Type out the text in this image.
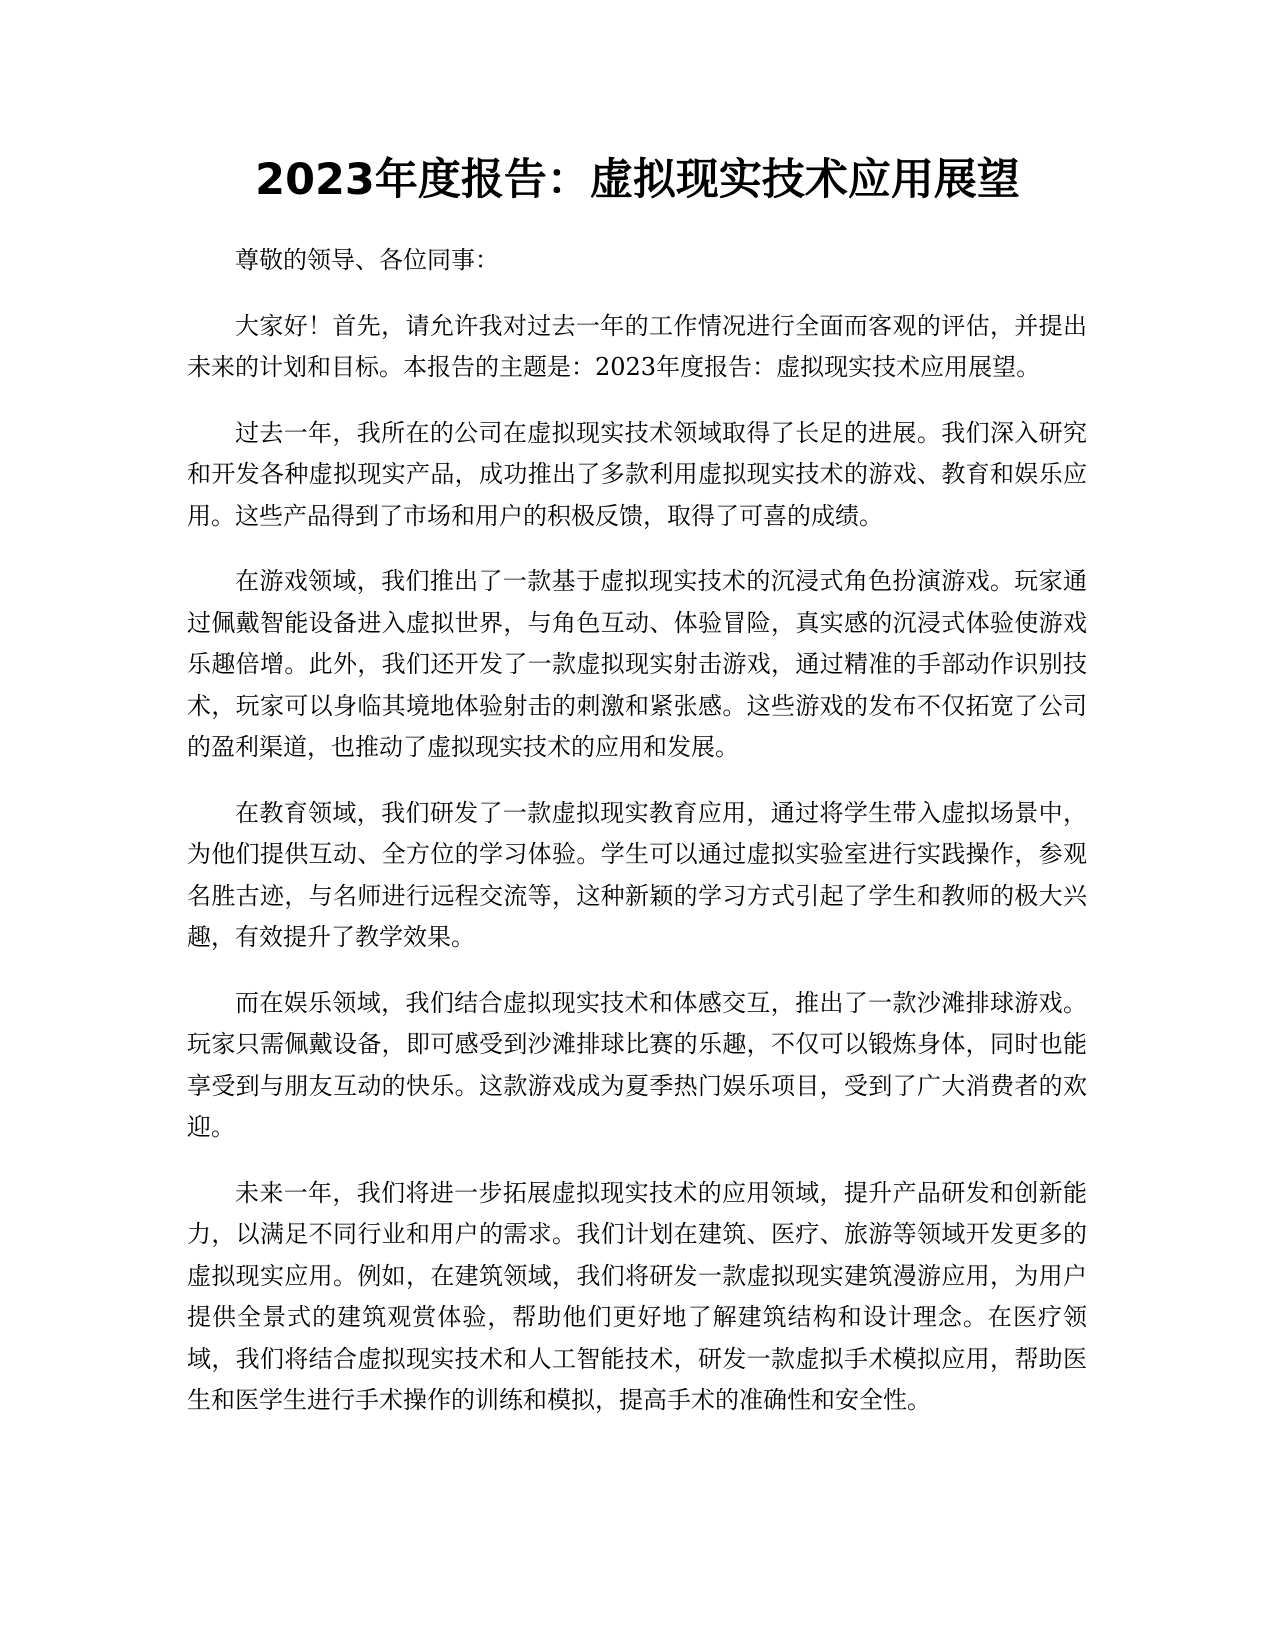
2023年度报告：虚拟现实技术应用展望

尊敬的领导、各位同事：

大家好！首先，请允许我对过去一年的工作情况进行全面而客观的评估，并提出未来的计划和目标。本报告的主题是：2023年度报告：虚拟现实技术应用展望。

过去一年，我所在的公司在虚拟现实技术领域取得了长足的进展。我们深入研究和开发各种虚拟现实产品，成功推出了多款利用虚拟现实技术的游戏、教育和娱乐应用。这些产品得到了市场和用户的积极反馈，取得了可喜的成绩。

在游戏领域，我们推出了一款基于虚拟现实技术的沉浸式角色扮演游戏。玩家通过佩戴智能设备进入虚拟世界，与角色互动、体验冒险，真实感的沉浸式体验使游戏乐趣倍增。此外，我们还开发了一款虚拟现实射击游戏，通过精准的手部动作识别技术，玩家可以身临其境地体验射击的刺激和紧张感。这些游戏的发布不仅拓宽了公司的盈利渠道，也推动了虚拟现实技术的应用和发展。

在教育领域，我们研发了一款虚拟现实教育应用，通过将学生带入虚拟场景中，为他们提供互动、全方位的学习体验。学生可以通过虚拟实验室进行实践操作，参观名胜古迹，与名师进行远程交流等，这种新颖的学习方式引起了学生和教师的极大兴趣，有效提升了教学效果。

而在娱乐领域，我们结合虚拟现实技术和体感交互，推出了一款沙滩排球游戏。玩家只需佩戴设备，即可感受到沙滩排球比赛的乐趣，不仅可以锻炼身体，同时也能享受到与朋友互动的快乐。这款游戏成为夏季热门娱乐项目，受到了广大消费者的欢迎。

未来一年，我们将进一步拓展虚拟现实技术的应用领域，提升产品研发和创新能力，以满足不同行业和用户的需求。我们计划在建筑、医疗、旅游等领域开发更多的虚拟现实应用。例如，在建筑领域，我们将研发一款虚拟现实建筑漫游应用，为用户提供全景式的建筑观赏体验，帮助他们更好地了解建筑结构和设计理念。在医疗领域，我们将结合虚拟现实技术和人工智能技术，研发一款虚拟手术模拟应用，帮助医生和医学生进行手术操作的训练和模拟，提高手术的准确性和安全性。
